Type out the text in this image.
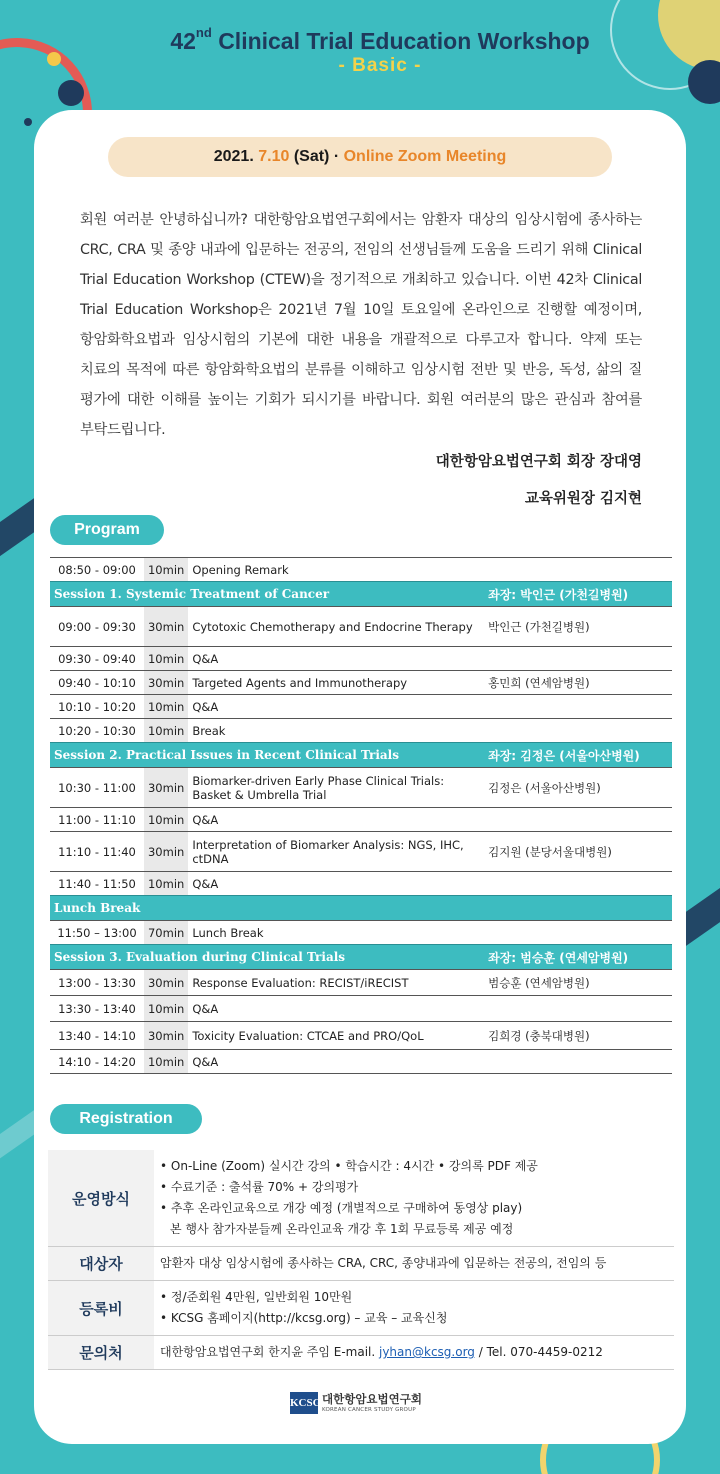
42nd Clinical Trial Education Workshop
- Basic -
2021. 7.10 (Sat) · Online Zoom Meeting
회원 여러분 안녕하십니까? 대한항암요법연구회에서는 암환자 대상의 임상시험에 종사하는 CRC, CRA 및 종양 내과에 입문하는 전공의, 전임의 선생님들께 도움을 드리기 위해 Clinical Trial Education Workshop (CTEW)을 정기적으로 개최하고 있습니다. 이번 42차 Clinical Trial Education Workshop은 2021년 7월 10일 토요일에 온라인으로 진행할 예정이며, 항암화학요법과 임상시험의 기본에 대한 내용을 개괄적으로 다루고자 합니다. 약제 또는 치료의 목적에 따른 항암화학요법의 분류를 이해하고 임상시험 전반 및 반응, 독성, 삶의 질 평가에 대한 이해를 높이는 기회가 되시기를 바랍니다. 회원 여러분의 많은 관심과 참여를 부탁드립니다.
대한항암요법연구회 회장 장대영
교육위원장 김지현
Program
08:50 - 09:00	10min	Opening Remark	
Session 1. Systemic Treatment of Cancer			좌장: 박인근 (가천길병원)
09:00 - 09:30	30min	Cytotoxic Chemotherapy and Endocrine Therapy	박인근 (가천길병원)
09:30 - 09:40	10min	Q&A	
09:40 - 10:10	30min	Targeted Agents and Immunotherapy	홍민희 (연세암병원)
10:10 - 10:20	10min	Q&A	
10:20 - 10:30	10min	Break	
Session 2. Practical Issues in Recent Clinical Trials			좌장: 김정은 (서울아산병원)
10:30 - 11:00	30min	Biomarker-driven Early Phase Clinical Trials: Basket & Umbrella Trial	김정은 (서울아산병원)
11:00 - 11:10	10min	Q&A	
11:10 - 11:40	30min	Interpretation of Biomarker Analysis: NGS, IHC, ctDNA	김지원 (분당서울대병원)
11:40 - 11:50	10min	Q&A	
Lunch Break			
11:50 – 13:00	70min	Lunch Break	
Session 3. Evaluation during Clinical Trials			좌장: 범승훈 (연세암병원)
13:00 - 13:30	30min	Response Evaluation: RECIST/iRECIST	범승훈 (연세암병원)
13:30 - 13:40	10min	Q&A	
13:40 - 14:10	30min	Toxicity Evaluation: CTCAE and PRO/QoL	김희경 (충북대병원)
14:10 - 14:20	10min	Q&A	
Registration
운영방식	• On-Line (Zoom) 실시간 강의 • 학습시간 : 4시간 • 강의록 PDF 제공
• 수료기준 : 출석률 70% + 강의평가
• 추후 온라인교육으로 개강 예정 (개별적으로 구매하여 동영상 play)
본 행사 참가자분들께 온라인교육 개강 후 1회 무료등록 제공 예정

대상자	암환자 대상 임상시험에 종사하는 CRA, CRC, 종양내과에 입문하는 전공의, 전임의 등
등록비	• 정/준회원 4만원, 일반회원 10만원
• KCSG 홈페이지(http://kcsg.org) – 교육 – 교육신청

문의처	대한항암요법연구회 한지윤 주임 E-mail. jyhan@kcsg.org / Tel. 070-4459-0212
KCSG 대한항암요법연구회
KOREAN CANCER STUDY GROUP
